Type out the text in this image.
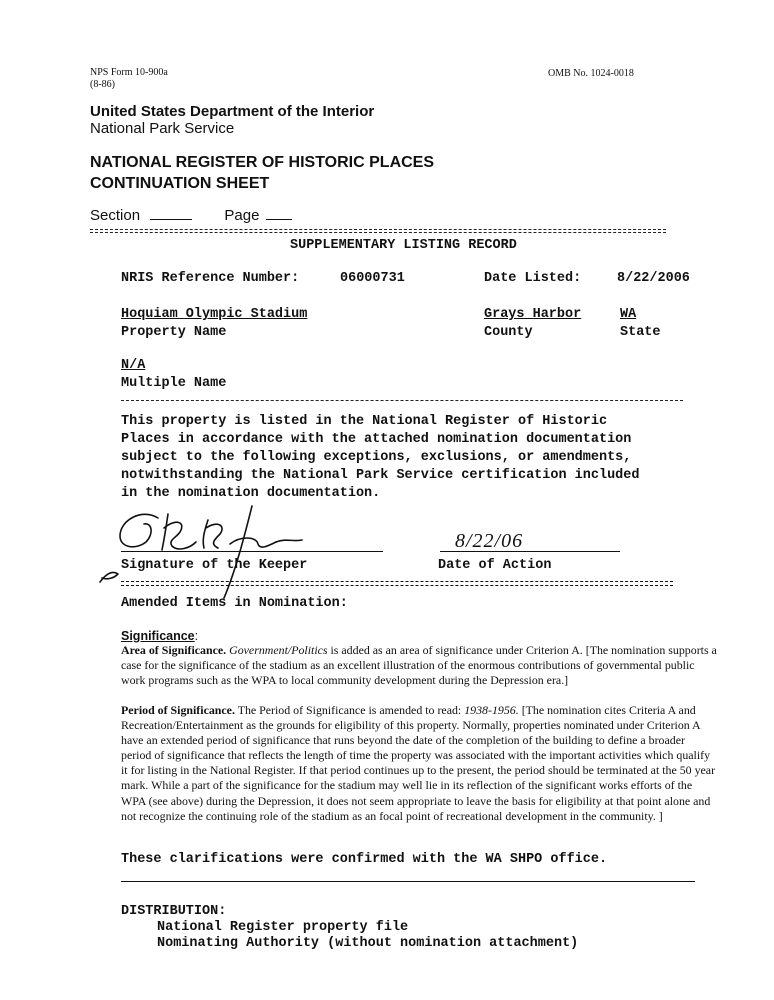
NPS Form 10-900a
(8-86)
OMB No. 1024-0018
United States Department of the Interior
National Park Service
NATIONAL REGISTER OF HISTORIC PLACES
CONTINUATION SHEET
Section	Page
SUPPLEMENTARY LISTING RECORD
NRIS Reference Number:	06000731	Date Listed:	8/22/2006
Hoquiam Olympic Stadium
Property Name
Grays Harbor
County
WA
State
N/A
Multiple Name
This property is listed in the National Register of Historic
Places in accordance with the attached nomination documentation
subject to the following exceptions, exclusions, or amendments,
notwithstanding the National Park Service certification included
in the nomination documentation.
Signature of the Keeper
8/22/06
Date of Action
Amended Items in Nomination:
Significance:
Area of Significance. Government/Politics is added as an area of significance under Criterion A. [The nomination supports a case for the significance of the stadium as an excellent illustration of the enormous contributions of governmental public work programs such as the WPA to local community development during the Depression era.]
Period of Significance. The Period of Significance is amended to read: 1938-1956. [The nomination cites Criteria A and Recreation/Entertainment as the grounds for eligibility of this property. Normally, properties nominated under Criterion A have an extended period of significance that runs beyond the date of the completion of the building to define a broader period of significance that reflects the length of time the property was associated with the important activities which qualify it for listing in the National Register. If that period continues up to the present, the period should be terminated at the 50 year mark. While a part of the significance for the stadium may well lie in its reflection of the significant works efforts of the WPA (see above) during the Depression, it does not seem appropriate to leave the basis for eligibility at that point alone and not recognize the continuing role of the stadium as an focal point of recreational development in the community. ]
These clarifications were confirmed with the WA SHPO office.
DISTRIBUTION:
National Register property file
Nominating Authority (without nomination attachment)
